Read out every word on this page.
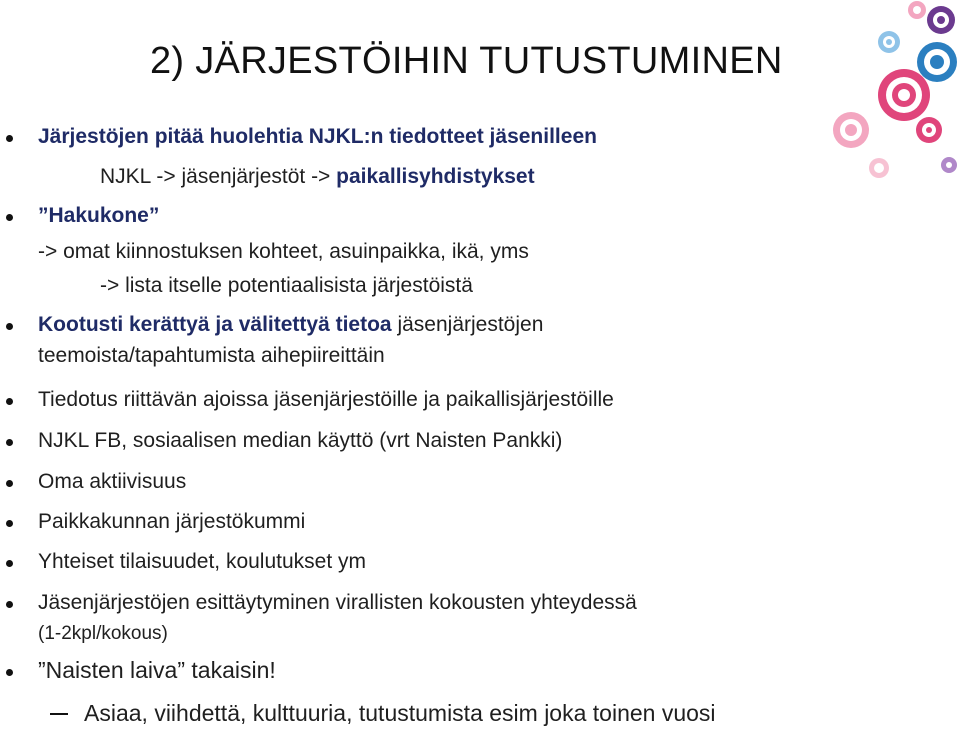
2) JÄRJESTÖIHIN TUTUSTUMINEN
Järjestöjen pitää huolehtia NJKL:n tiedotteet jäsenilleen
NJKL -> jäsenjärjestöt -> paikallisyhdistykset
”Hakukone”
-> omat kiinnostuksen kohteet, asuinpaikka, ikä, yms
-> lista itselle potentiaalisista järjestöistä
Kootusti kerättyä ja välitettyä tietoa jäsenjärjestöjen
teemoista/tapahtumista aihepiireittäin
Tiedotus riittävän ajoissa jäsenjärjestöille ja paikallisjärjestöille
NJKL FB, sosiaalisen median käyttö (vrt Naisten Pankki)
Oma aktiivisuus
Paikkakunnan järjestökummi
Yhteiset tilaisuudet, koulutukset ym
Jäsenjärjestöjen esittäytyminen virallisten kokousten yhteydessä
(1-2kpl/kokous)
”Naisten laiva” takaisin!
Asiaa, viihdettä, kulttuuria, tutustumista esim joka toinen vuosi
